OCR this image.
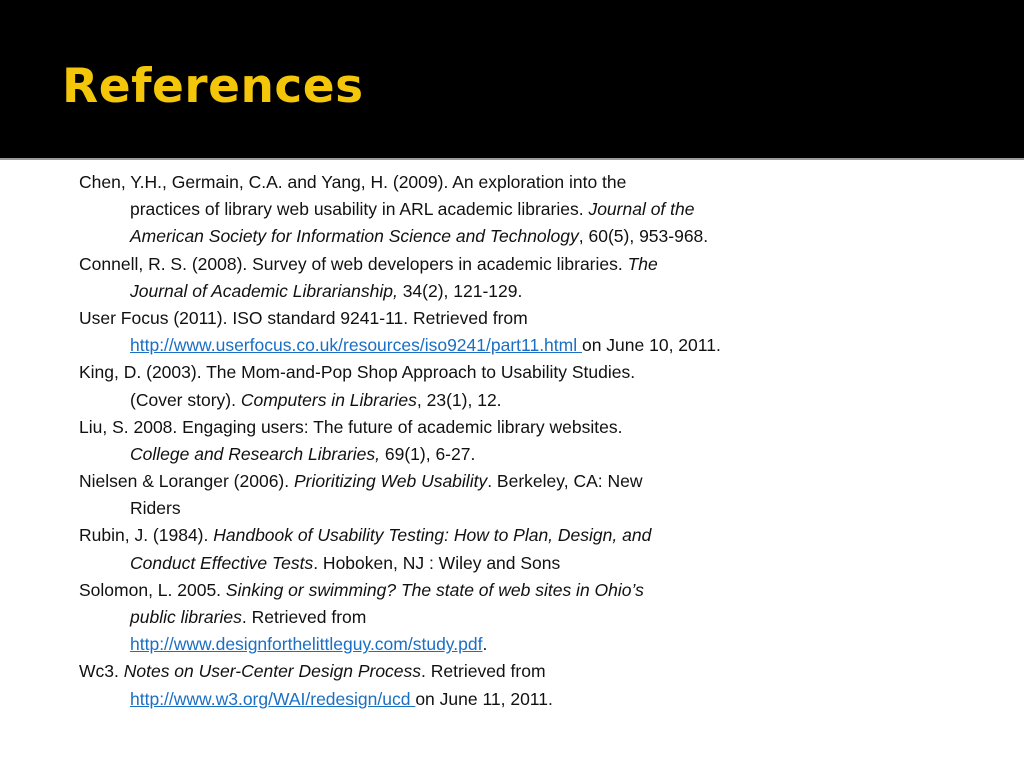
References
Chen, Y.H., Germain, C.A. and Yang, H. (2009). An exploration into the
practices of library web usability in ARL academic libraries. Journal of the
American Society for Information Science and Technology, 60(5), 953-968.
Connell, R. S. (2008). Survey of web developers in academic libraries. The
Journal of Academic Librarianship, 34(2), 121-129.
User Focus (2011). ISO standard 9241-11. Retrieved from
http://www.userfocus.co.uk/resources/iso9241/part11.html on June 10, 2011.
King, D. (2003). The Mom-and-Pop Shop Approach to Usability Studies.
(Cover story). Computers in Libraries, 23(1), 12.
Liu, S. 2008. Engaging users: The future of academic library websites.
College and Research Libraries, 69(1), 6-27.
Nielsen & Loranger (2006). Prioritizing Web Usability. Berkeley, CA: New
Riders
Rubin, J. (1984). Handbook of Usability Testing: How to Plan, Design, and
Conduct Effective Tests. Hoboken, NJ : Wiley and Sons
Solomon, L. 2005. Sinking or swimming? The state of web sites in Ohio’s
public libraries. Retrieved from
http://www.designforthelittleguy.com/study.pdf.
Wc3. Notes on User-Center Design Process. Retrieved from
http://www.w3.org/WAI/redesign/ucd on June 11, 2011.
